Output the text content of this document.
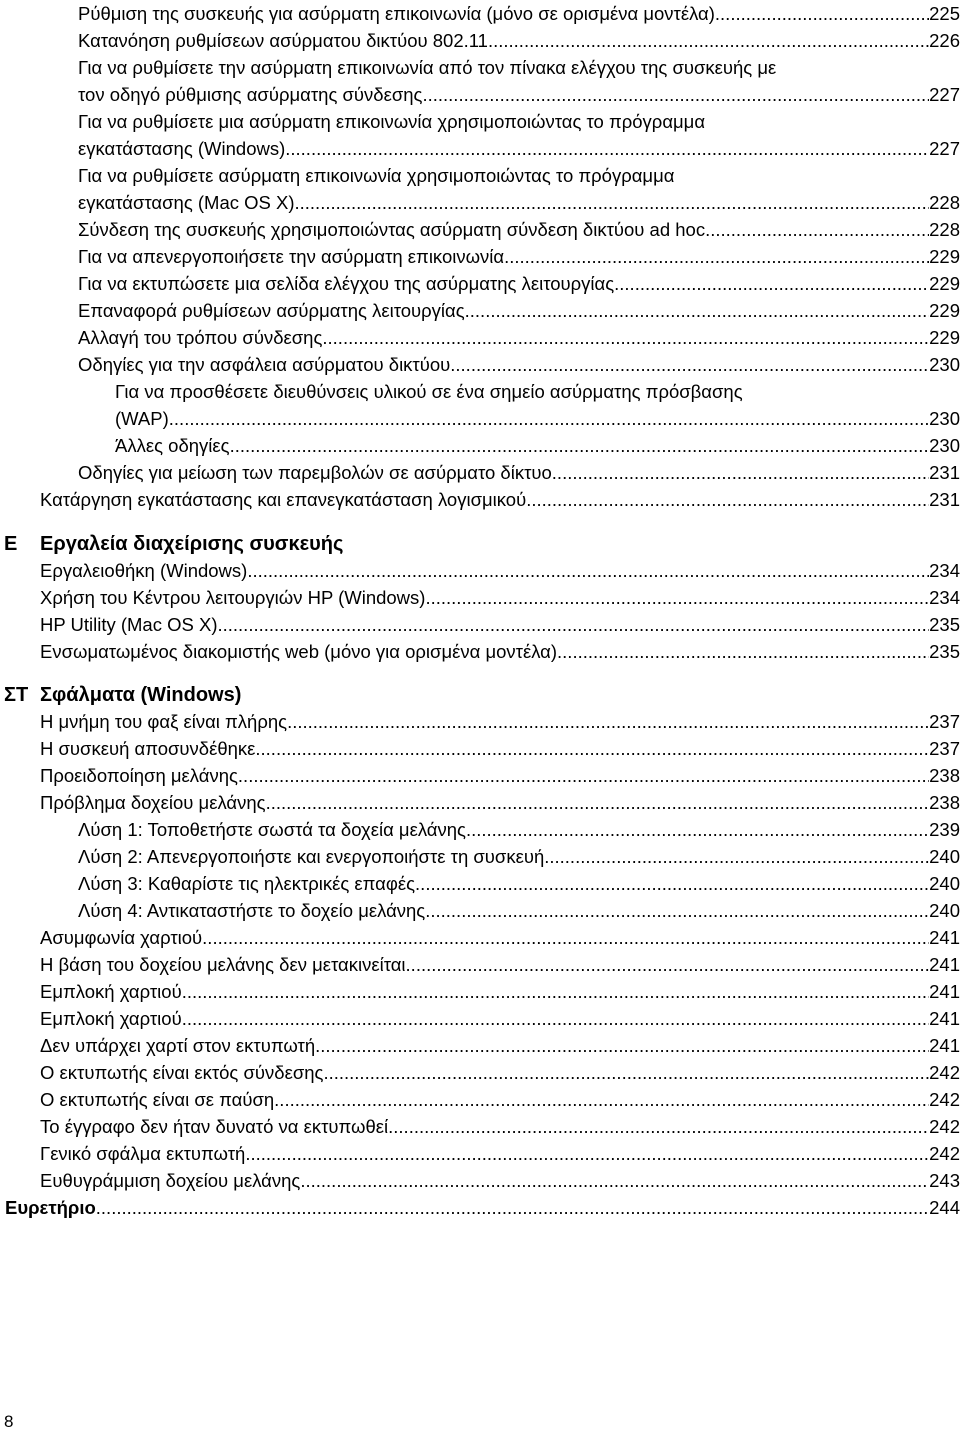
Ρύθμιση της συσκευής για ασύρματη επικοινωνία (μόνο σε ορισμένα μοντέλα) .....	225
Κατανόηση ρυθμίσεων ασύρματου δικτύου 802.11 .....	226
Για να ρυθμίσετε την ασύρματη επικοινωνία από τον πίνακα ελέγχου της συσκευής με
τον οδηγό ρύθμισης ασύρματης σύνδεσης .....	227
Για να ρυθμίσετε μια ασύρματη επικοινωνία χρησιμοποιώντας το πρόγραμμα
εγκατάστασης (Windows) .....	227
Για να ρυθμίσετε ασύρματη επικοινωνία χρησιμοποιώντας το πρόγραμμα
εγκατάστασης (Mac OS X) .....	228
Σύνδεση της συσκευής χρησιμοποιώντας ασύρματη σύνδεση δικτύου ad hoc .....	228
Για να απενεργοποιήσετε την ασύρματη επικοινωνία .....	229
Για να εκτυπώσετε μια σελίδα ελέγχου της ασύρματης λειτουργίας .....	229
Επαναφορά ρυθμίσεων ασύρματης λειτουργίας .....	229
Αλλαγή του τρόπου σύνδεσης .....	229
Οδηγίες για την ασφάλεια ασύρματου δικτύου .....	230
Για να προσθέσετε διευθύνσεις υλικού σε ένα σημείο ασύρματης πρόσβασης
(WAP) .....	230
Άλλες οδηγίες .....	230
Οδηγίες για μείωση των παρεμβολών σε ασύρματο δίκτυο .....	231
Κατάργηση εγκατάστασης και επανεγκατάσταση λογισμικού .....	231
E Εργαλεία διαχείρισης συσκευής
Εργαλειοθήκη (Windows) .....	234
Χρήση του Κέντρου λειτουργιών HP (Windows) .....	234
HP Utility (Mac OS X) .....	235
Ενσωματωμένος διακομιστής web (μόνο για ορισμένα μοντέλα) .....	235
ΣΤ Σφάλματα (Windows)
Η μνήμη του φαξ είναι πλήρης .....	237
Η συσκευή αποσυνδέθηκε .....	237
Προειδοποίηση μελάνης .....	238
Πρόβλημα δοχείου μελάνης .....	238
Λύση 1: Τοποθετήστε σωστά τα δοχεία μελάνης .....	239
Λύση 2: Απενεργοποιήστε και ενεργοποιήστε τη συσκευή .....	240
Λύση 3: Καθαρίστε τις ηλεκτρικές επαφές .....	240
Λύση 4: Αντικαταστήστε το δοχείο μελάνης .....	240
Ασυμφωνία χαρτιού .....	241
Η βάση του δοχείου μελάνης δεν μετακινείται .....	241
Εμπλοκή χαρτιού .....	241
Εμπλοκή χαρτιού .....	241
Δεν υπάρχει χαρτί στον εκτυπωτή .....	241
Ο εκτυπωτής είναι εκτός σύνδεσης .....	242
Ο εκτυπωτής είναι σε παύση .....	242
Το έγγραφο δεν ήταν δυνατό να εκτυπωθεί .....	242
Γενικό σφάλμα εκτυπωτή .....	242
Ευθυγράμμιση δοχείου μελάνης .....	243
Ευρετήριο .....	244
8
